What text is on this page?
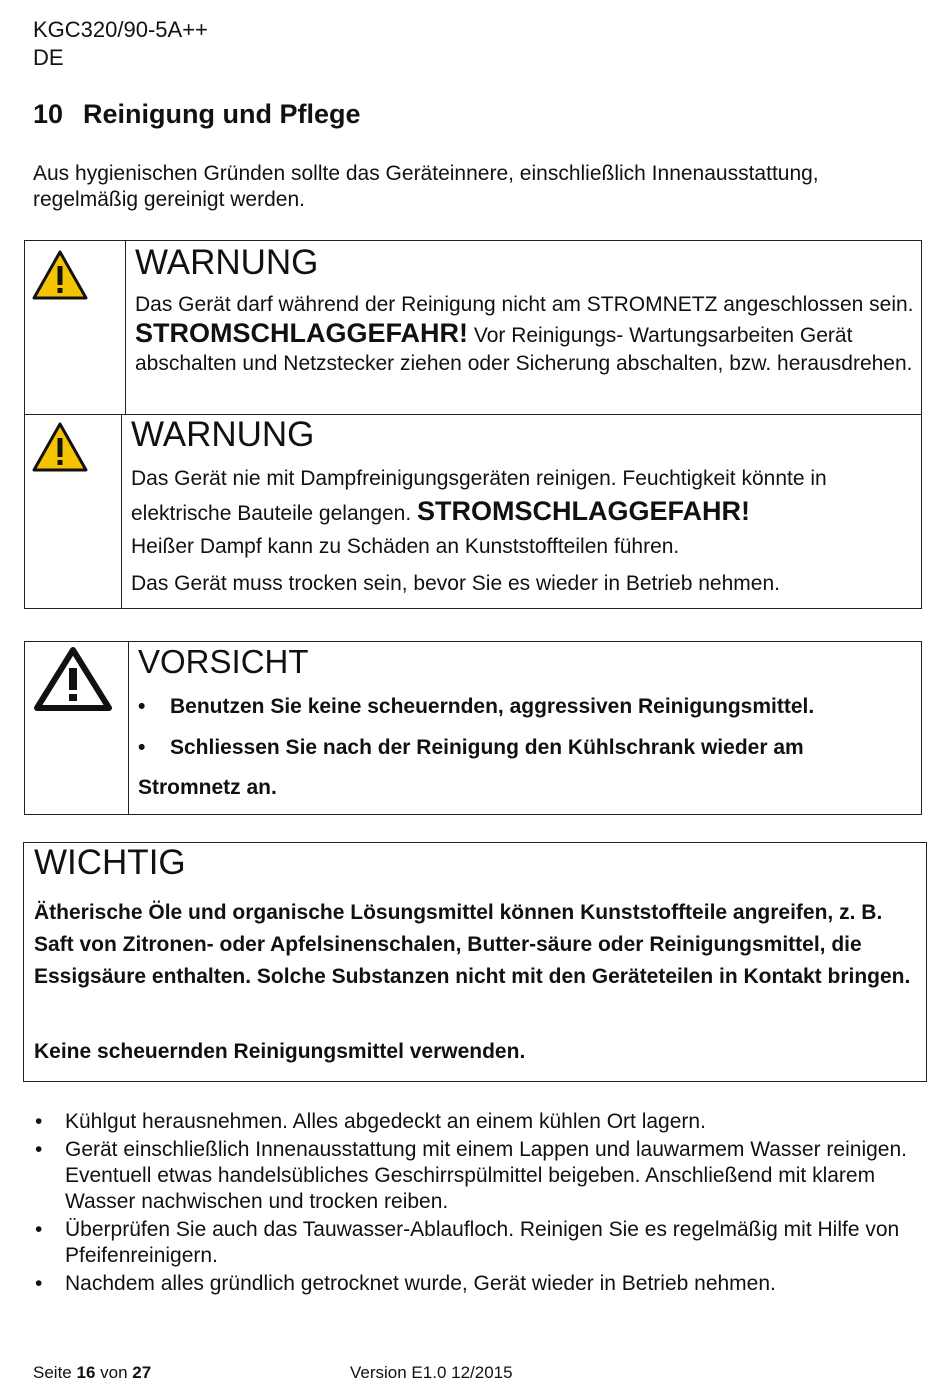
KGC320/90-5A++
DE
10 Reinigung und Pflege
Aus hygienischen Gründen sollte das Geräteinnere, einschließlich Innenausstattung, regelmäßig gereinigt werden.
WARNUNG
Das Gerät darf während der Reinigung nicht am STROMNETZ angeschlossen sein. STROMSCHLAGGEFAHR! Vor Reinigungs- Wartungsarbeiten Gerät abschalten und Netzstecker ziehen oder Sicherung abschalten, bzw. herausdrehen.
WARNUNG
Das Gerät nie mit Dampfreinigungsgeräten reinigen. Feuchtigkeit könnte in elektrische Bauteile gelangen. STROMSCHLAGGEFAHR!
Heißer Dampf kann zu Schäden an Kunststoffteilen führen.
Das Gerät muss trocken sein, bevor Sie es wieder in Betrieb nehmen.
VORSICHT
• Benutzen Sie keine scheuernden, aggressiven Reinigungsmittel.
• Schliessen Sie nach der Reinigung den Kühlschrank wieder am
Stromnetz an.
WICHTIG
Ätherische Öle und organische Lösungsmittel können Kunststoffteile angreifen, z. B. Saft von Zitronen- oder Apfelsinenschalen, Butter-säure oder Reinigungsmittel, die Essigsäure enthalten. Solche Substanzen nicht mit den Geräteteilen in Kontakt bringen.
Keine scheuernden Reinigungsmittel verwenden.
• Kühlgut herausnehmen. Alles abgedeckt an einem kühlen Ort lagern.
• Gerät einschließlich Innenausstattung mit einem Lappen und lauwarmem Wasser reinigen. Eventuell etwas handelsübliches Geschirrspülmittel beigeben. Anschließend mit klarem Wasser nachwischen und trocken reiben.
• Überprüfen Sie auch das Tauwasser-Ablaufloch. Reinigen Sie es regelmäßig mit Hilfe von Pfeifenreinigern.
• Nachdem alles gründlich getrocknet wurde, Gerät wieder in Betrieb nehmen.
Seite 16 von 27	Version E1.0 12/2015
